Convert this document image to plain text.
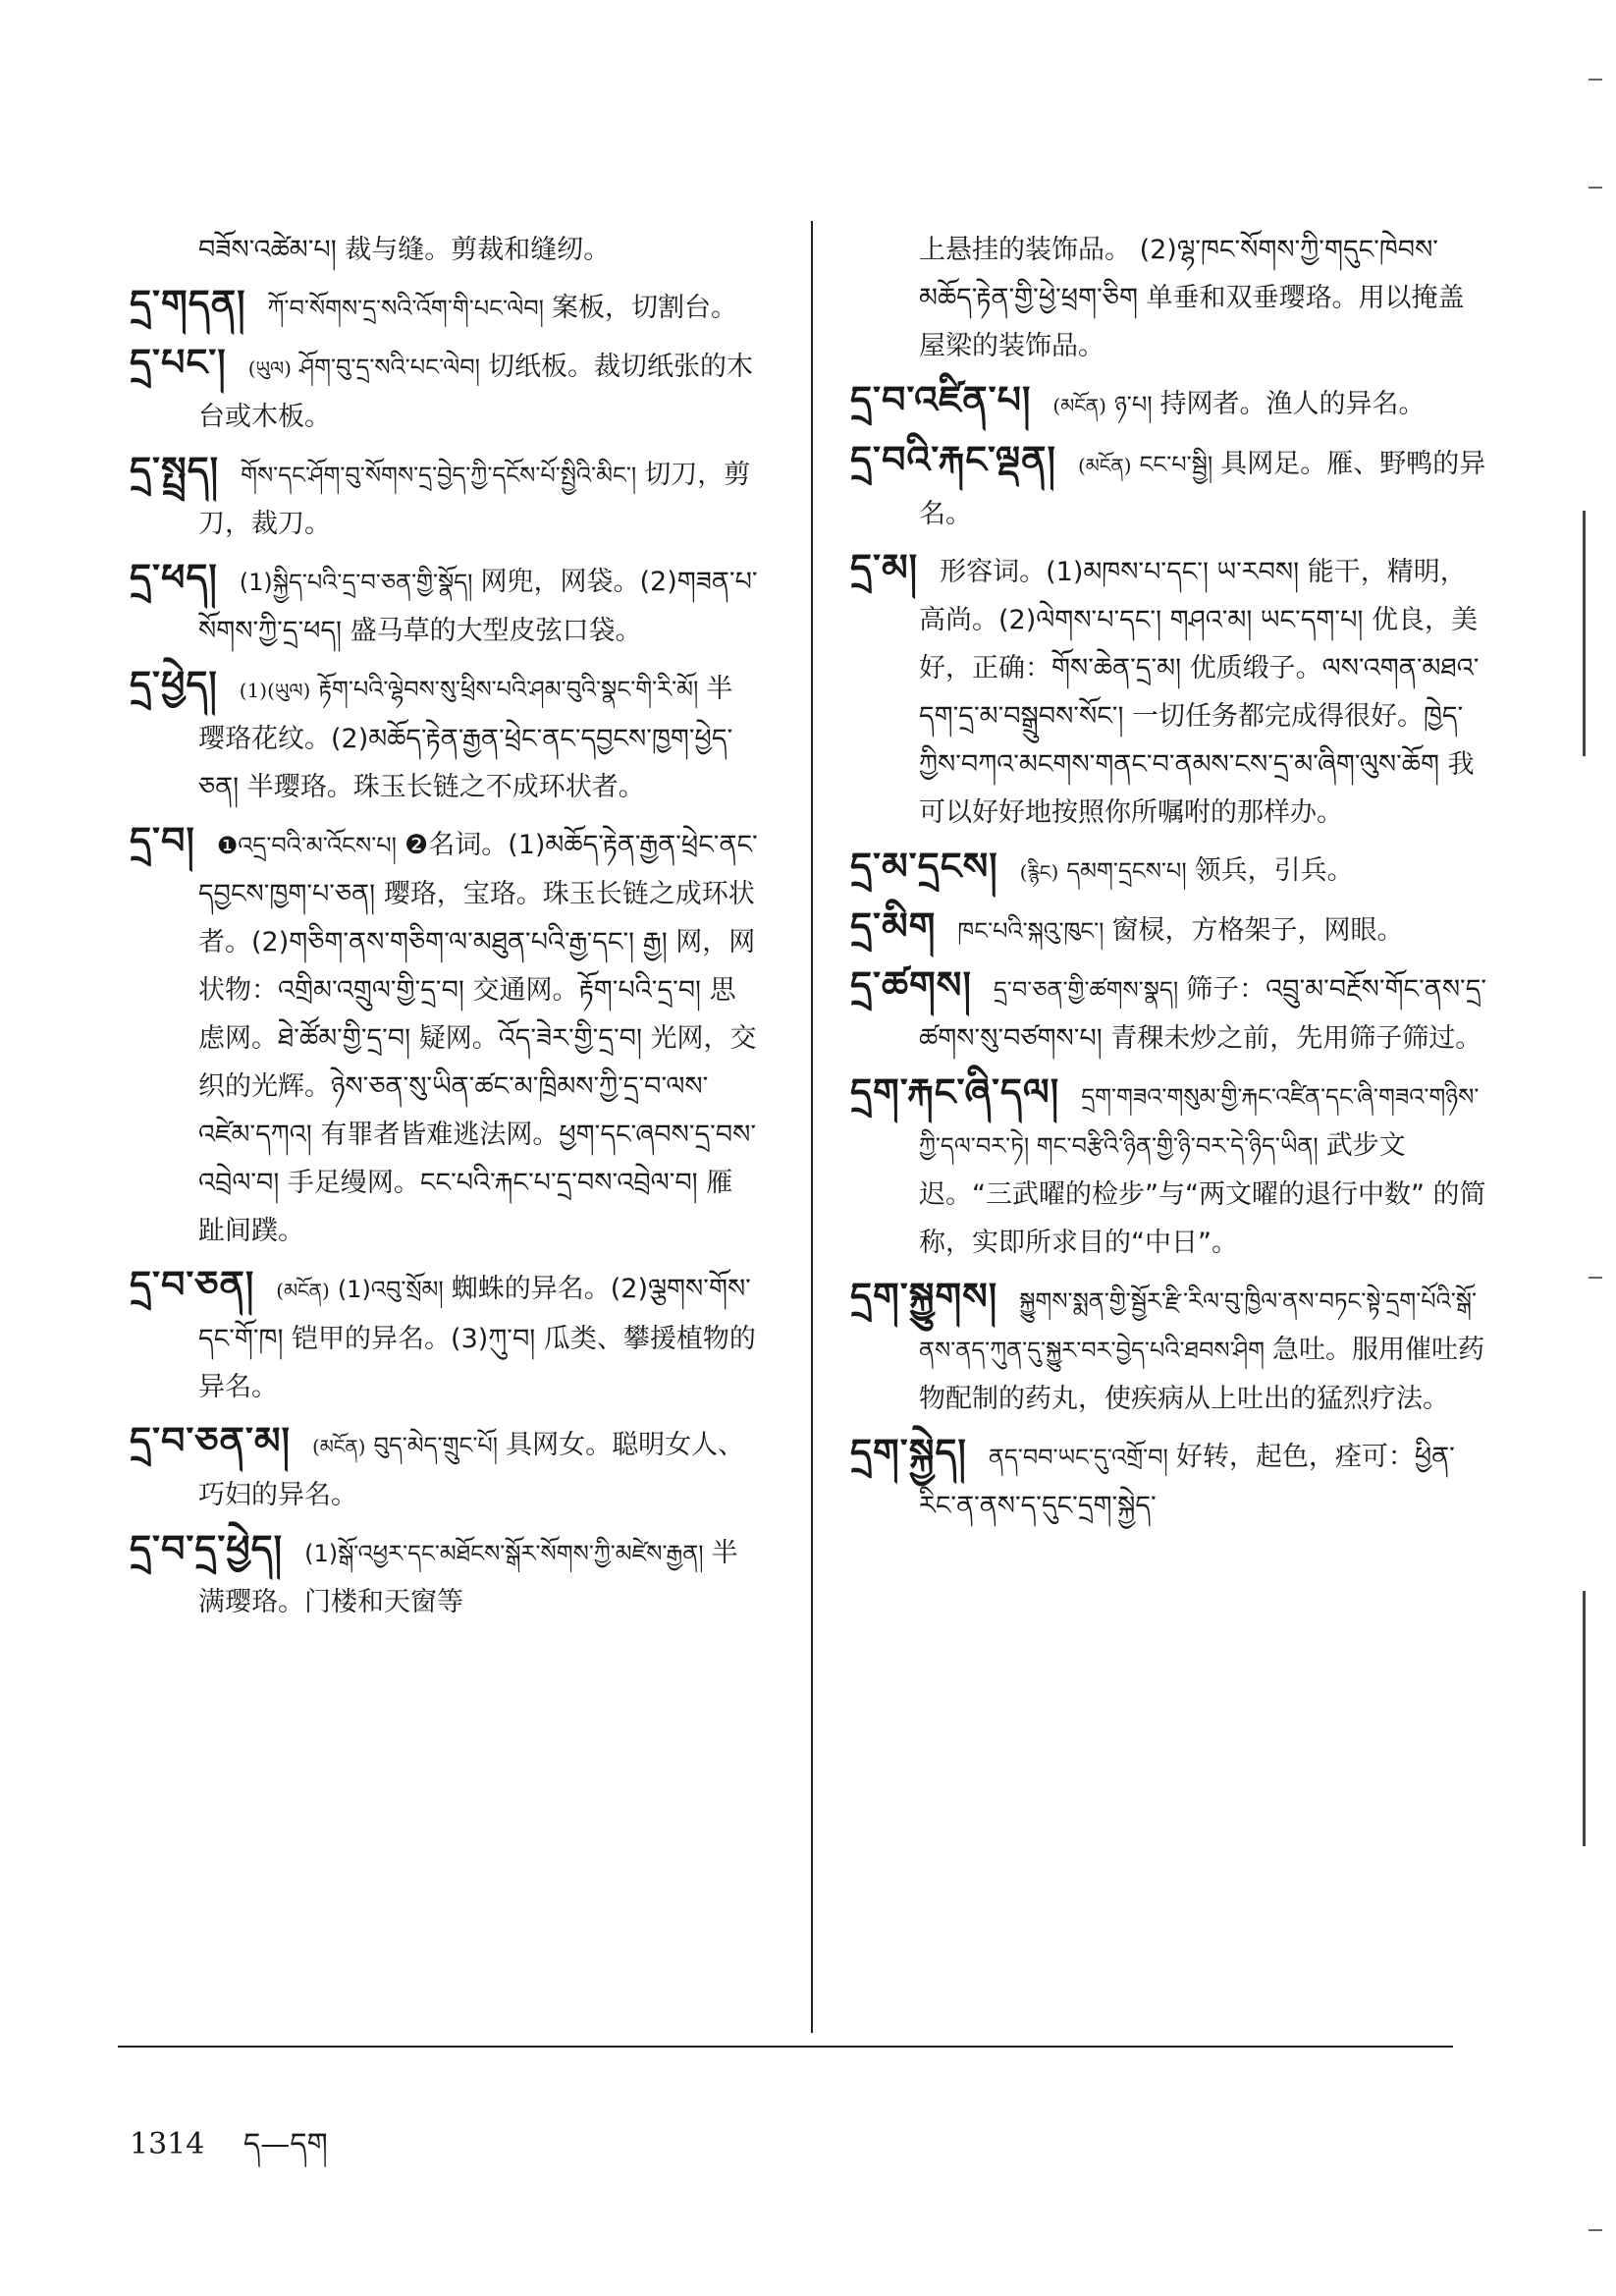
བཟོས་འཚེམ་པ། 裁与缝。剪裁和缝纫。
དྲ་གདན། ཀོ་བ་སོགས་དྲ་སའི་འོག་གི་པང་ལེབ། 案板，切割台。
དྲ་པང་། (ཡུལ) ཤོག་བུ་དྲ་སའི་པང་ལེབ། 切纸板。裁切纸张的木台或木板。
དྲ་སྤྲད། གོས་དང་ཤོག་བུ་སོགས་དྲ་བྱེད་ཀྱི་དངོས་པོ་སྤྱིའི་མིང་། 切刀，剪刀，裁刀。
དྲ་ཕད། (1)སྐྱིད་པའི་དྲ་བ་ཅན་གྱི་སྣོད། 网兜，网袋。(2)གཟན་པ་སོགས་ཀྱི་དྲ་ཕད། 盛马草的大型皮弦口袋。
དྲ་ཕྱེད། (1)(ཡུལ) རྟོག་པའི་ལྷེབས་སུ་ཕྲིས་པའི་ཤམ་བུའི་སྣང་གི་རི་མོ། 半璎珞花纹。(2)མཆོད་རྟེན་རྒྱན་ཕྲེང་ནང་དབྱངས་ཁྱག་ཕྱེད་ཅན། 半璎珞。珠玉长链之不成环状者。
དྲ་བ། ❶འདྲ་བའི་མ་འོངས་པ། ❷名词。(1)མཆོད་རྟེན་རྒྱན་ཕྲེང་ནང་དབྱངས་ཁྱག་པ་ཅན། 璎珞，宝珞。珠玉长链之成环状者。(2)གཅིག་ནས་གཅིག་ལ་མཐུན་པའི་རྒྱ་དང་། རྒྱ། 网，网状物：འགྲིམ་འགྲུལ་གྱི་དྲ་བ། 交通网。རྟོག་པའི་དྲ་བ། 思虑网。ཐེ་ཚོམ་གྱི་དྲ་བ། 疑网。འོད་ཟེར་གྱི་དྲ་བ། 光网，交织的光辉。ཉེས་ཅན་སུ་ཡིན་ཚང་མ་ཁྲིམས་ཀྱི་དྲ་བ་ལས་འཛེམ་དཀའ། 有罪者皆难逃法网。ཕྱག་དང་ཞབས་དྲ་བས་འབྲེལ་བ། 手足缦网。ངང་པའི་རྐང་པ་དྲ་བས་འབྲེལ་བ། 雁趾间蹼。
དྲ་བ་ཅན། (མངོན) (1)འབུ་སྲོམ། 蜘蛛的异名。(2)ལྕགས་གོས་དང་གོ་ཁ། 铠甲的异名。(3)ཀུ་བ། 瓜类、攀援植物的异名。
དྲ་བ་ཅན་མ། (མངོན) བུད་མེད་གྲུང་པོ། 具网女。聪明女人、巧妇的异名。
དྲ་བ་དྲ་ཕྱེད། (1)སྒོ་འཕྱར་དང་མཐོངས་སྒོར་སོགས་ཀྱི་མཛེས་རྒྱན། 半满璎珞。门楼和天窗等
上悬挂的装饰品。 (2)ལྷ་ཁང་སོགས་ཀྱི་གདུང་ཁེབས་མཆོད་རྟེན་གྱི་ཕྱེ་ཕྲག་ཅིག 单垂和双垂璎珞。用以掩盖屋梁的装饰品。
དྲ་བ་འཛིན་པ། (མངོན) ཉ་པ། 持网者。渔人的异名。
དྲ་བའི་རྐང་ལྡན། (མངོན) ངང་པ་སྦྱི། 具网足。雁、野鸭的异名。
དྲ་མ། 形容词。(1)མཁས་པ་དང་། ཡ་རབས། 能干，精明，高尚。(2)ལེགས་པ་དང་། གཤའ་མ། ཡང་དག་པ། 优良，美好，正确：གོས་ཆེན་དྲ་མ། 优质缎子。ལས་འགན་མཐའ་དག་དྲ་མ་བསྒྲུབས་སོང་། 一切任务都完成得很好。ཁྱེད་ཀྱིས་བཀའ་མངགས་གནང་བ་ནམས་ངས་དྲ་མ་ཞིག་ལུས་ཆོག 我可以好好地按照你所嘱咐的那样办。
དྲ་མ་དྲངས། (རྙིང) དམག་དྲངས་པ། 领兵，引兵。
དྲ་མིག ཁང་པའི་སྐའུ་ཁུང་། 窗棂，方格架子，网眼。
དྲ་ཚགས། དྲ་བ་ཅན་གྱི་ཚགས་སྣད། 筛子：འབྲུ་མ་བརྔོས་གོང་ནས་དྲ་ཚགས་སུ་བཙགས་པ། 青稞未炒之前，先用筛子筛过。
དྲག་རྐང་ཞི་དལ། དྲག་གཟའ་གསུམ་གྱི་རྐང་འཛིན་དང་ཞི་གཟའ་གཉིས་ཀྱི་དལ་བར་ཏེ། གང་བརྩིའི་ཉིན་གྱི་ཉི་བར་དེ་ཉིད་ཡིན། 武步文迟。“三武曜的检步”与“两文曜的退行中数” 的简称，实即所求目的“中日”。
དྲག་སྐྱུགས། སྐྱུགས་སྨན་གྱི་སྦྱོར་རྫི་རིལ་བུ་ཁྱིལ་ནས་བཏང་སྟེ་དྲག་པོའི་སྒོ་ནས་ནད་ཀུན་དུ་སྐྱུར་བར་བྱེད་པའི་ཐབས་ཤིག 急吐。服用催吐药物配制的药丸，使疾病从上吐出的猛烈疗法。
དྲག་སྐྱེད། ནད་བབ་ཡང་དུ་འགྲོ་བ། 好转，起色，痊可：ཕྱིན་རིང་ན་ནས་ད་དུང་དྲག་སྐྱེད་
1314 ད—དག
